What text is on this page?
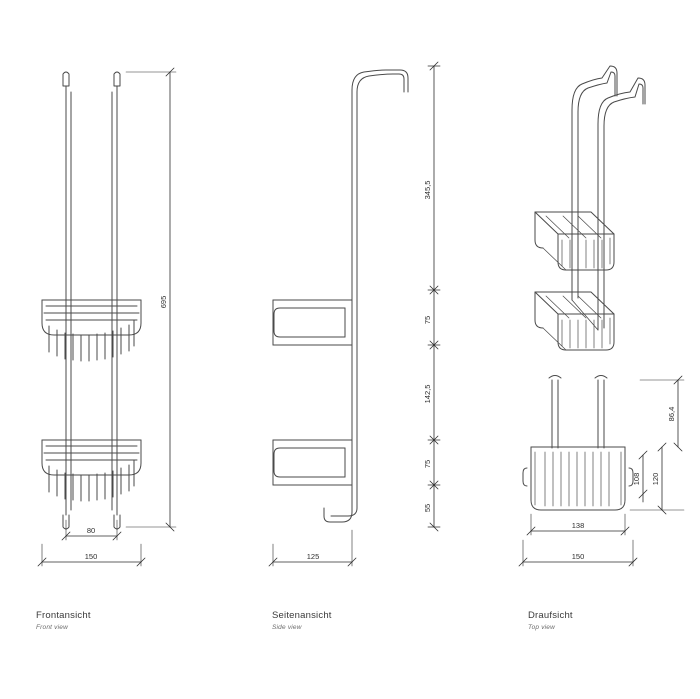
695
80
150
345,5
75
142,5
75
55
125
86,4
108 120
138
150
Frontansicht
Front view
Seitenansicht
Side view
Draufsicht
Top view
